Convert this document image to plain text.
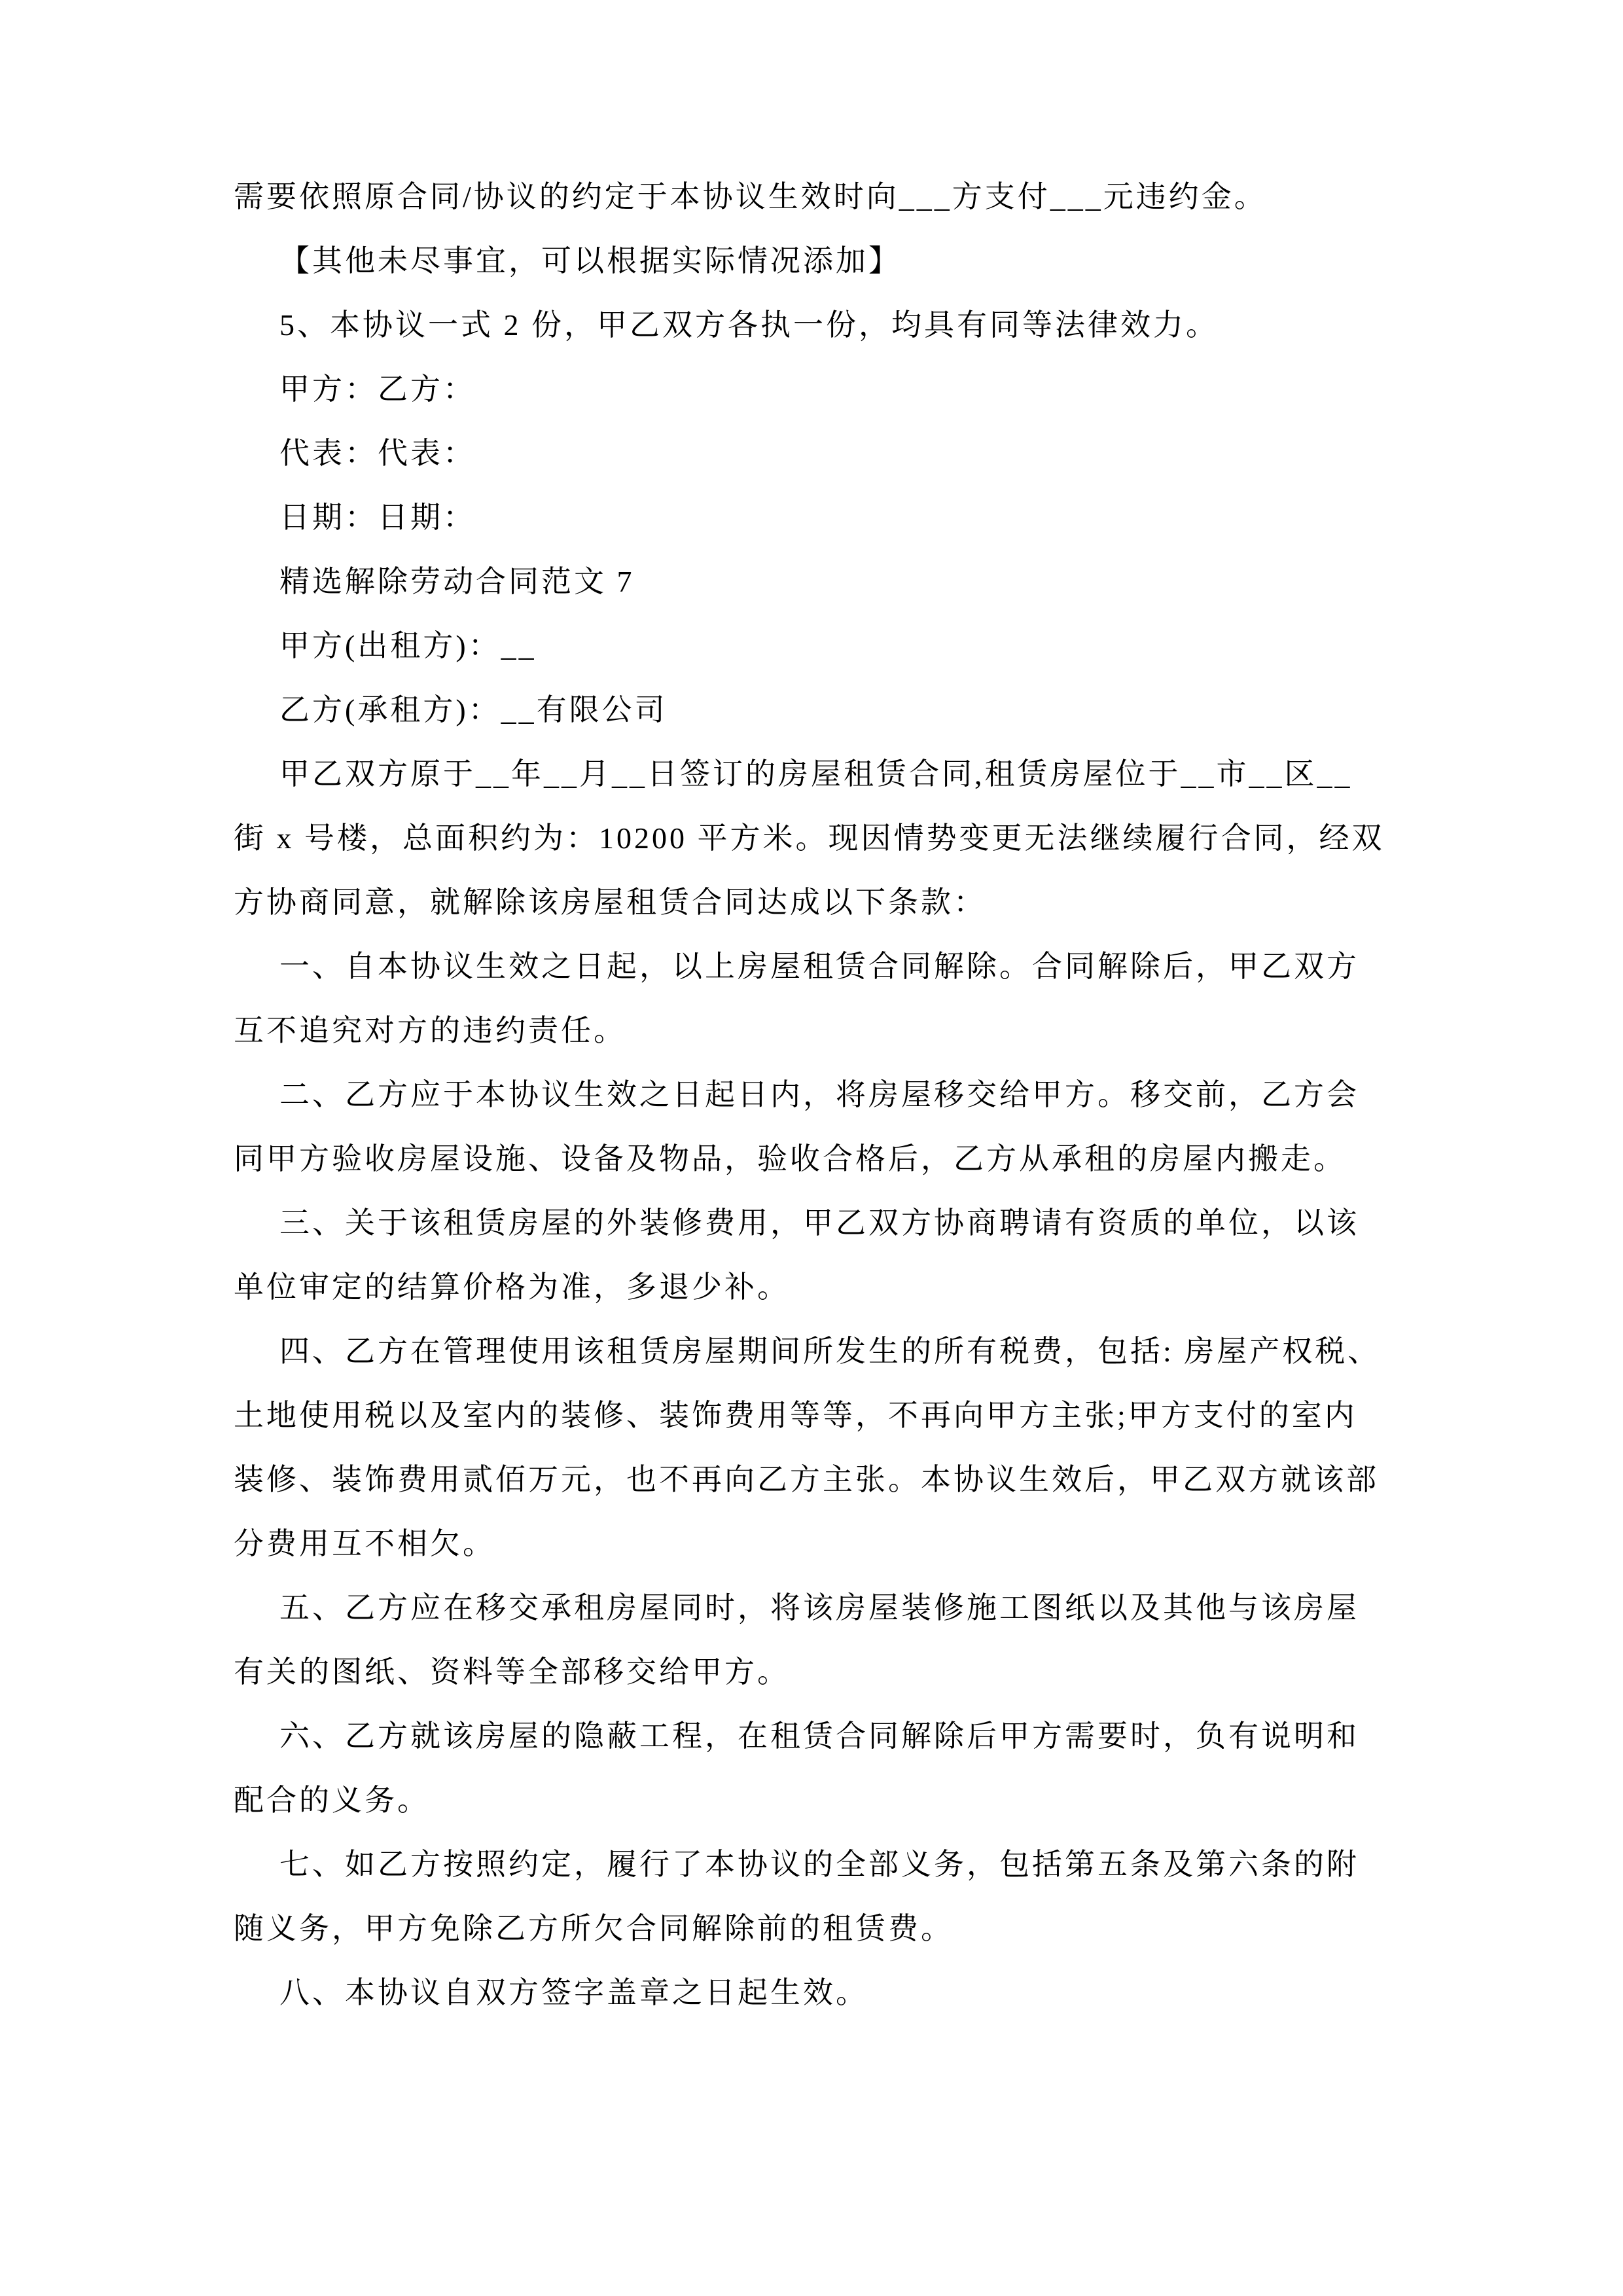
需要依照原合同/协议的约定于本协议生效时向___方支付___元违约金。
【其他未尽事宜，可以根据实际情况添加】
5、本协议一式 2 份，甲乙双方各执一份，均具有同等法律效力。
甲方：乙方：
代表：代表：
日期：日期：
精选解除劳动合同范文 7
甲方(出租方)：__
乙方(承租方)：__有限公司
甲乙双方原于__年__月__日签订的房屋租赁合同,租赁房屋位于__市__区__
街 x 号楼，总面积约为：10200 平方米。现因情势变更无法继续履行合同，经双
方协商同意，就解除该房屋租赁合同达成以下条款：
一、自本协议生效之日起，以上房屋租赁合同解除。合同解除后，甲乙双方
互不追究对方的违约责任。
二、乙方应于本协议生效之日起日内，将房屋移交给甲方。移交前，乙方会
同甲方验收房屋设施、设备及物品，验收合格后，乙方从承租的房屋内搬走。
三、关于该租赁房屋的外装修费用，甲乙双方协商聘请有资质的单位，以该
单位审定的结算价格为准，多退少补。
四、乙方在管理使用该租赁房屋期间所发生的所有税费，包括: 房屋产权税、
土地使用税以及室内的装修、装饰费用等等，不再向甲方主张;甲方支付的室内
装修、装饰费用贰佰万元，也不再向乙方主张。本协议生效后，甲乙双方就该部
分费用互不相欠。
五、乙方应在移交承租房屋同时，将该房屋装修施工图纸以及其他与该房屋
有关的图纸、资料等全部移交给甲方。
六、乙方就该房屋的隐蔽工程，在租赁合同解除后甲方需要时，负有说明和
配合的义务。
七、如乙方按照约定，履行了本协议的全部义务，包括第五条及第六条的附
随义务，甲方免除乙方所欠合同解除前的租赁费。
八、本协议自双方签字盖章之日起生效。
